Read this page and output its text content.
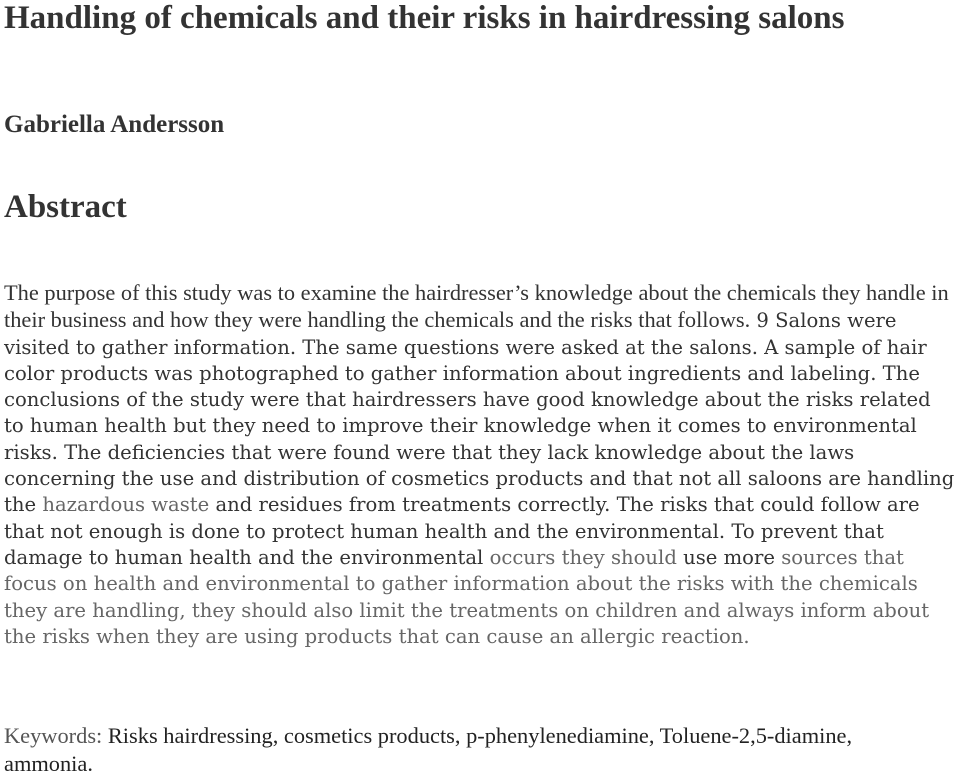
Handling of chemicals and their risks in hairdressing salons
Gabriella Andersson
Abstract

The purpose of this study was to examine the hairdresser’s knowledge about the chemicals they handle in their business and how they were handling the chemicals and the risks that follows. 9 Salons were visited to gather information. The same questions were asked at the salons. A sample of hair color products was photographed to gather information about ingredients and labeling. The conclusions of the study were that hairdressers have good knowledge about the risks related to human health but they need to improve their knowledge when it comes to environmental risks. The deficiencies that were found were that they lack knowledge about the laws concerning the use and distribution of cosmetics products and that not all saloons are handling the hazardous waste and residues from treatments correctly. The risks that could follow are that not enough is done to protect human health and the environmental. To prevent that damage to human health and the environmental occurs they should use more sources that focus on health and environmental to gather information about the risks with the chemicals they are handling, they should also limit the treatments on children and always inform about the risks when they are using products that can cause an allergic reaction.

Keywords: Risks hairdressing, cosmetics products, p-phenylenediamine, Toluene-2,5-diamine, ammonia.
